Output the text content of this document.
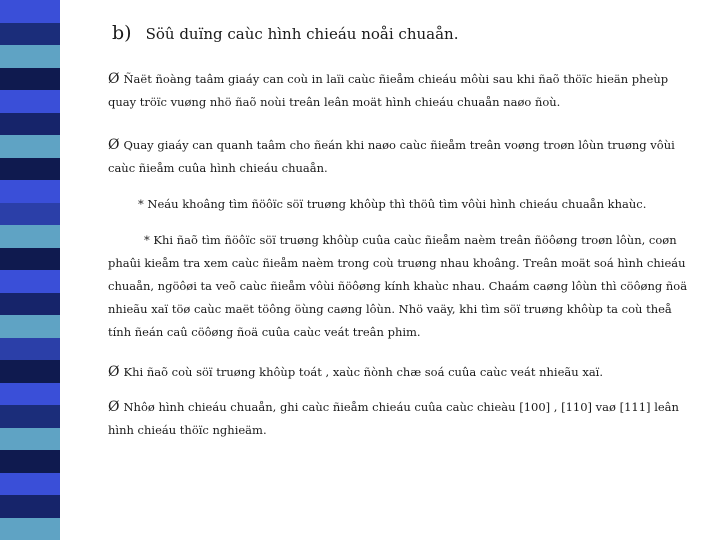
b) Söû duïng caùc hình chieáu noåi chuaån.

Ø Ñaët ñoàng taâm giaáy can coù in laïi caùc ñieåm chieáu môùi sau khi ñaõ thöïc hieän pheùp quay tröïc vuøng nhö ñaõ noùi treân leân moät hình chieáu chuaån naøo ñoù.

Ø Quay giaáy can quanh taâm cho ñeán khi naøo caùc ñieåm treân voøng troøn lôùn truøng vôùi caùc ñieåm cuûa hình chieáu chuaån.

* Neáu khoâng tìm ñöôïc söï truøng khôùp thì thöû tìm vôùi hình chieáu chuaån khaùc.

* Khi ñaõ tìm ñöôïc söï truøng khôùp cuûa caùc ñieåm naèm treân ñöôøng troøn lôùn, coøn phaûi kieåm tra xem caùc ñieåm naèm trong coù truøng nhau khoâng. Treân moät soá hình chieáu chuaån, ngöôøi ta veõ caùc ñieåm vôùi ñöôøng kính khaùc nhau. Chaám caøng lôùn thì cöôøng ñoä nhieãu xaï töø caùc maët töông öùng caøng lôùn. Nhö vaäy, khi tìm söï truøng khôùp ta coù theå tính ñeán caû cöôøng ñoä cuûa caùc veát treân phim.

Ø Khi ñaõ coù söï truøng khôùp toát , xaùc ñònh chæ soá cuûa caùc veát nhieãu xaï.

Ø Nhôø hình chieáu chuaån, ghi caùc ñieåm chieáu cuûa caùc chieàu [100] , [110] vaø [111] leân hình chieáu thöïc nghieäm.
